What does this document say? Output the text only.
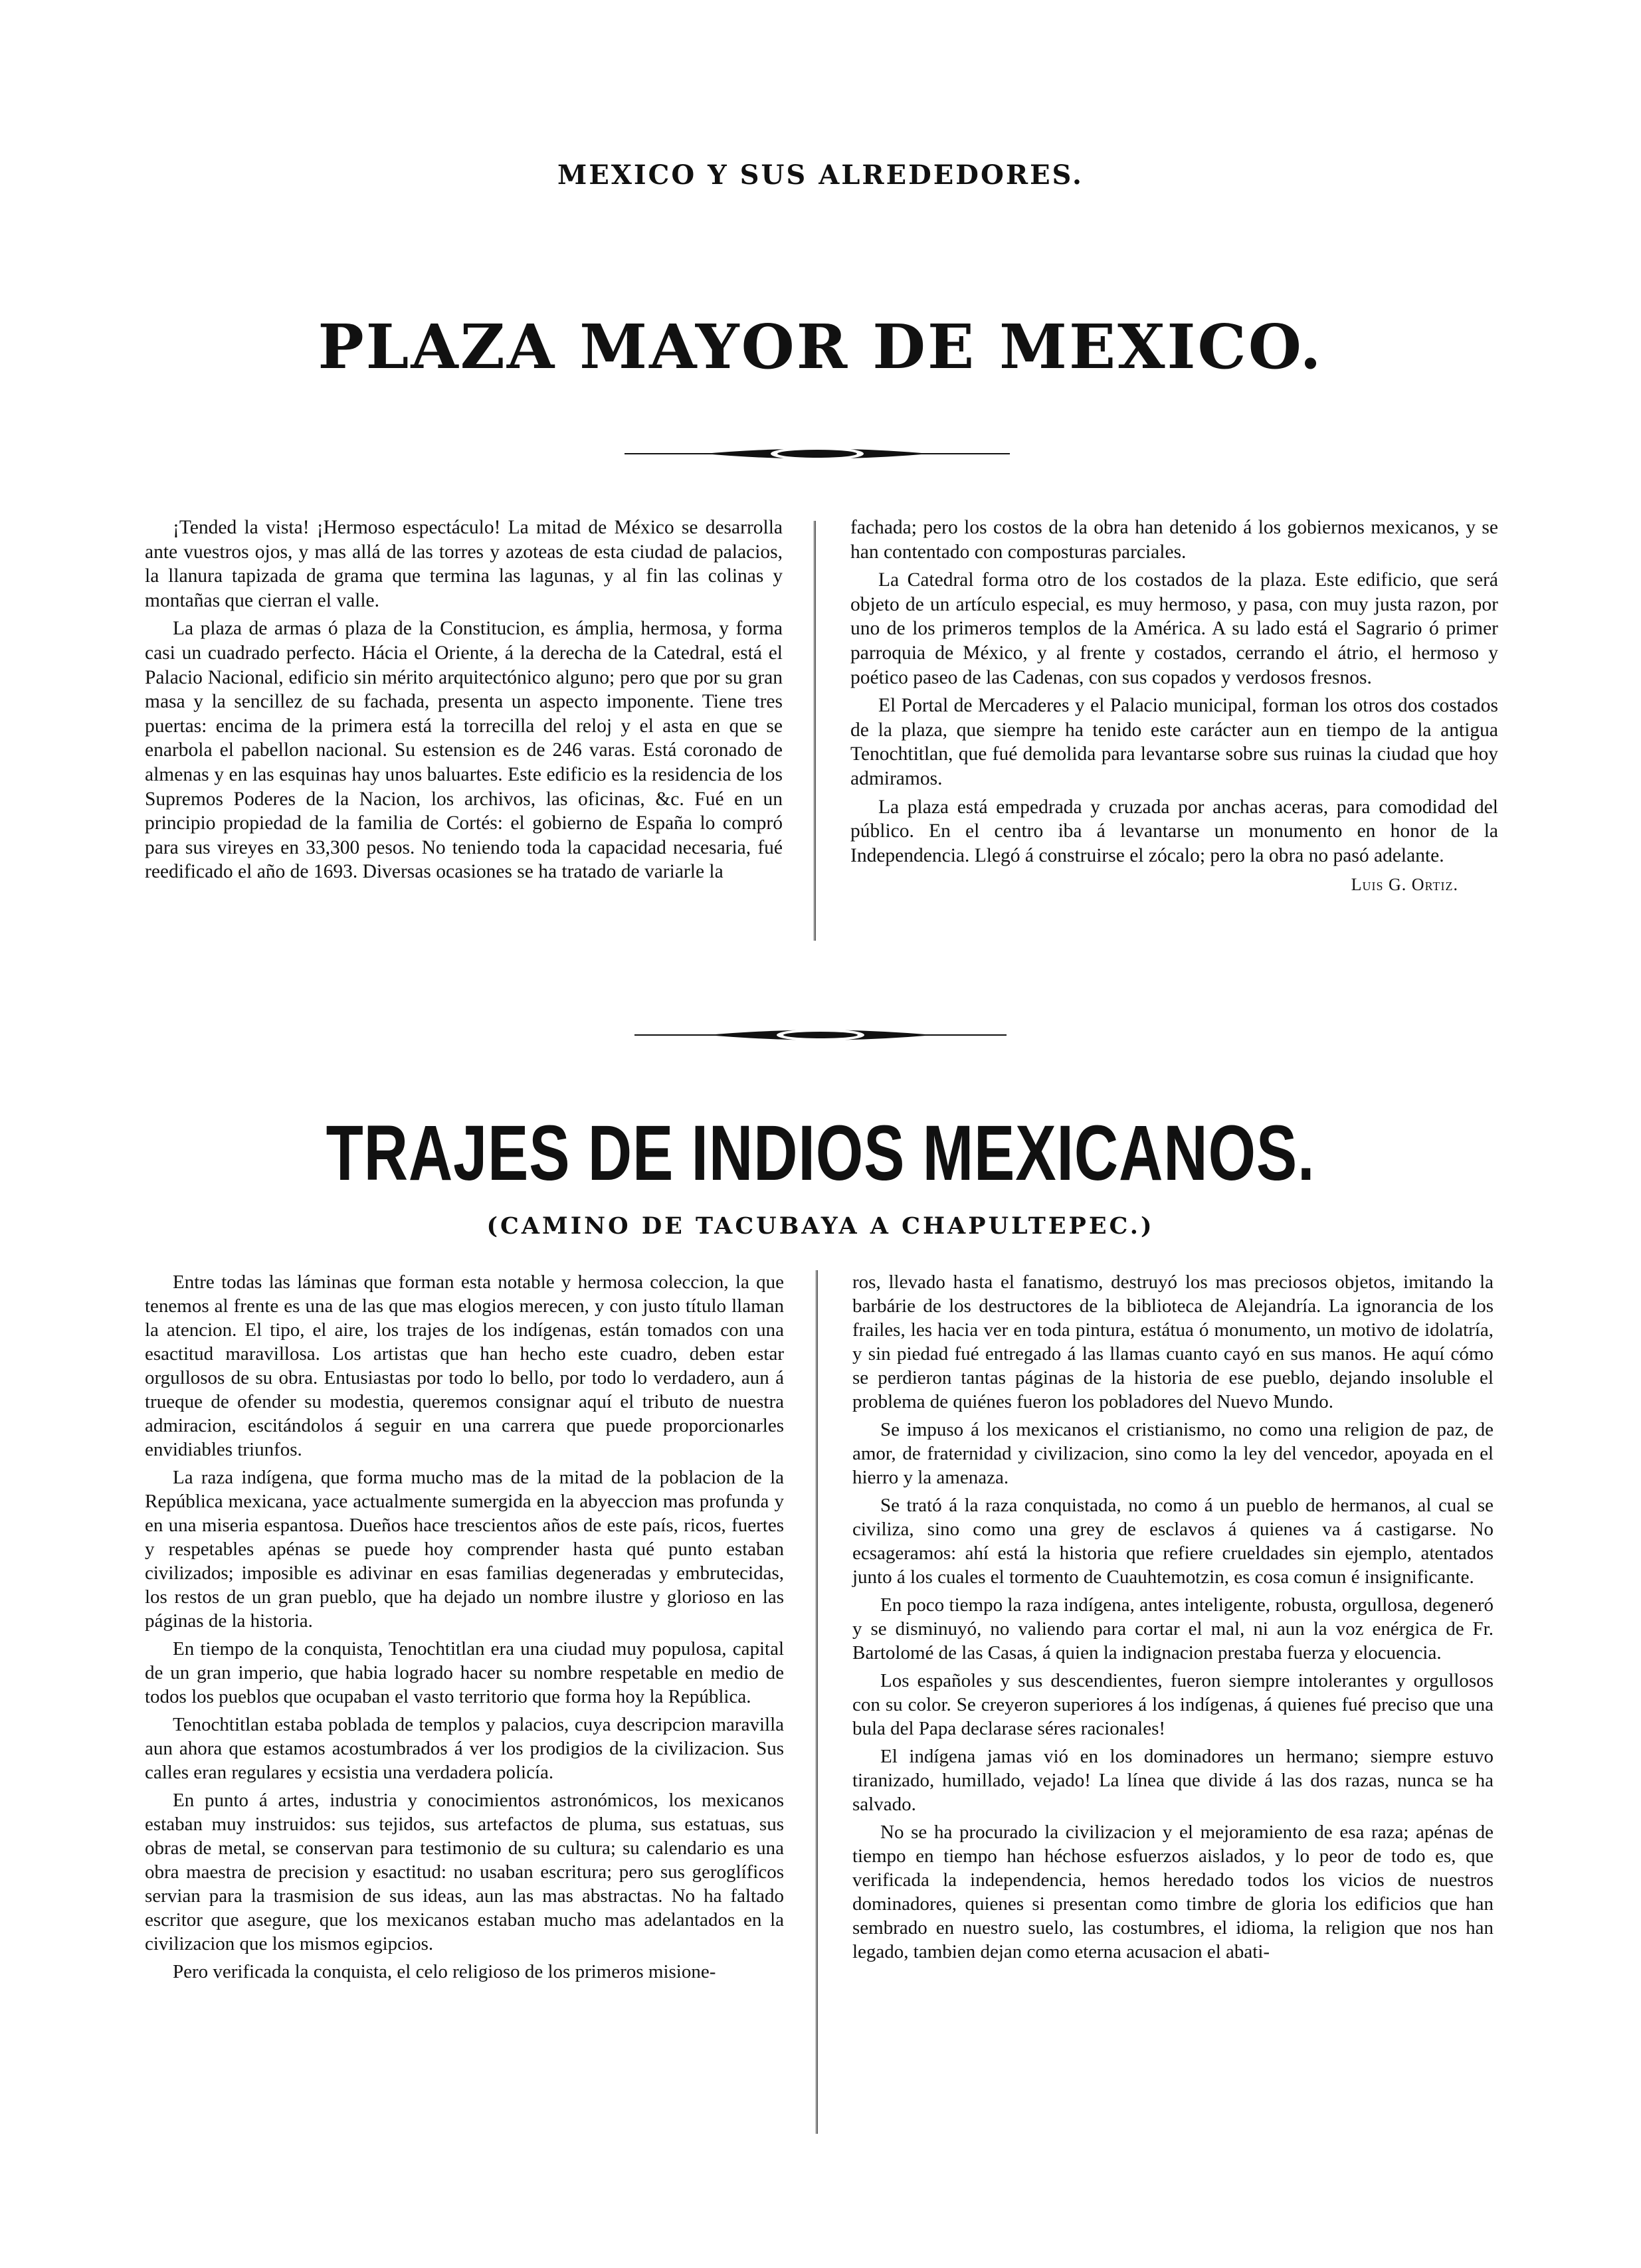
MEXICO Y SUS ALREDEDORES.
PLAZA MAYOR DE MEXICO.

¡Tended la vista! ¡Hermoso espectáculo! La mitad de México se desarrolla ante vuestros ojos, y mas allá de las torres y azoteas de esta ciudad de palacios, la llanura tapizada de grama que termina las lagunas, y al fin las colinas y montañas que cierran el valle.

La plaza de armas ó plaza de la Constitucion, es ámplia, hermosa, y forma casi un cuadrado perfecto. Hácia el Oriente, á la derecha de la Catedral, está el Palacio Nacional, edificio sin mérito arquitectónico alguno; pero que por su gran masa y la sencillez de su fachada, presenta un aspecto imponente. Tiene tres puertas: encima de la primera está la torrecilla del reloj y el asta en que se enarbola el pabellon nacional. Su estension es de 246 varas. Está coronado de almenas y en las esquinas hay unos baluartes. Este edificio es la residencia de los Supremos Poderes de la Nacion, los archivos, las oficinas, &c. Fué en un principio propiedad de la familia de Cortés: el gobierno de España lo compró para sus vireyes en 33,300 pesos. No teniendo toda la capacidad necesaria, fué reedificado el año de 1693. Diversas ocasiones se ha tratado de variarle la

fachada; pero los costos de la obra han detenido á los gobiernos mexicanos, y se han contentado con composturas parciales.

La Catedral forma otro de los costados de la plaza. Este edificio, que será objeto de un artículo especial, es muy hermoso, y pasa, con muy justa razon, por uno de los primeros templos de la América. A su lado está el Sagrario ó primer parroquia de México, y al frente y costados, cerrando el átrio, el hermoso y poético paseo de las Cadenas, con sus copados y verdosos fresnos.

El Portal de Mercaderes y el Palacio municipal, forman los otros dos costados de la plaza, que siempre ha tenido este carácter aun en tiempo de la antigua Tenochtitlan, que fué demolida para levantarse sobre sus ruinas la ciudad que hoy admiramos.

La plaza está empedrada y cruzada por anchas aceras, para comodidad del público. En el centro iba á levantarse un monumento en honor de la Independencia. Llegó á construirse el zócalo; pero la obra no pasó adelante.

Luis G. Ortiz.
TRAJES DE INDIOS MEXICANOS.
(CAMINO DE TACUBAYA A CHAPULTEPEC.)

Entre todas las láminas que forman esta notable y hermosa coleccion, la que tenemos al frente es una de las que mas elogios merecen, y con justo título llaman la atencion. El tipo, el aire, los trajes de los indígenas, están tomados con una esactitud maravillosa. Los artistas que han hecho este cuadro, deben estar orgullosos de su obra. Entusiastas por todo lo bello, por todo lo verdadero, aun á trueque de ofender su modestia, queremos consignar aquí el tributo de nuestra admiracion, escitándolos á seguir en una carrera que puede proporcionarles envidiables triunfos.

La raza indígena, que forma mucho mas de la mitad de la poblacion de la República mexicana, yace actualmente sumergida en la abyeccion mas profunda y en una miseria espantosa. Dueños hace trescientos años de este país, ricos, fuertes y respetables apénas se puede hoy comprender hasta qué punto estaban civilizados; imposible es adivinar en esas familias degeneradas y embrutecidas, los restos de un gran pueblo, que ha dejado un nombre ilustre y glorioso en las páginas de la historia.

En tiempo de la conquista, Tenochtitlan era una ciudad muy populosa, capital de un gran imperio, que habia logrado hacer su nombre respetable en medio de todos los pueblos que ocupaban el vasto territorio que forma hoy la República.

Tenochtitlan estaba poblada de templos y palacios, cuya descripcion maravilla aun ahora que estamos acostumbrados á ver los prodigios de la civilizacion. Sus calles eran regulares y ecsistia una verdadera policía.

En punto á artes, industria y conocimientos astronómicos, los mexicanos estaban muy instruidos: sus tejidos, sus artefactos de pluma, sus estatuas, sus obras de metal, se conservan para testimonio de su cultura; su calendario es una obra maestra de precision y esactitud: no usaban escritura; pero sus geroglíficos servian para la trasmision de sus ideas, aun las mas abstractas. No ha faltado escritor que asegure, que los mexicanos estaban mucho mas adelantados en la civilizacion que los mismos egipcios.

Pero verificada la conquista, el celo religioso de los primeros misione-

ros, llevado hasta el fanatismo, destruyó los mas preciosos objetos, imitando la barbárie de los destructores de la biblioteca de Alejandría. La ignorancia de los frailes, les hacia ver en toda pintura, estátua ó monumento, un motivo de idolatría, y sin piedad fué entregado á las llamas cuanto cayó en sus manos. He aquí cómo se perdieron tantas páginas de la historia de ese pueblo, dejando insoluble el problema de quiénes fueron los pobladores del Nuevo Mundo.

Se impuso á los mexicanos el cristianismo, no como una religion de paz, de amor, de fraternidad y civilizacion, sino como la ley del vencedor, apoyada en el hierro y la amenaza.

Se trató á la raza conquistada, no como á un pueblo de hermanos, al cual se civiliza, sino como una grey de esclavos á quienes va á castigarse. No ecsageramos: ahí está la historia que refiere crueldades sin ejemplo, atentados junto á los cuales el tormento de Cuauhtemotzin, es cosa comun é insignificante.

En poco tiempo la raza indígena, antes inteligente, robusta, orgullosa, degeneró y se disminuyó, no valiendo para cortar el mal, ni aun la voz enérgica de Fr. Bartolomé de las Casas, á quien la indignacion prestaba fuerza y elocuencia.

Los españoles y sus descendientes, fueron siempre intolerantes y orgullosos con su color. Se creyeron superiores á los indígenas, á quienes fué preciso que una bula del Papa declarase séres racionales!

El indígena jamas vió en los dominadores un hermano; siempre estuvo tiranizado, humillado, vejado! La línea que divide á las dos razas, nunca se ha salvado.

No se ha procurado la civilizacion y el mejoramiento de esa raza; apénas de tiempo en tiempo han héchose esfuerzos aislados, y lo peor de todo es, que verificada la independencia, hemos heredado todos los vicios de nuestros dominadores, quienes si presentan como timbre de gloria los edificios que han sembrado en nuestro suelo, las costumbres, el idioma, la religion que nos han legado, tambien dejan como eterna acusacion el abati-
